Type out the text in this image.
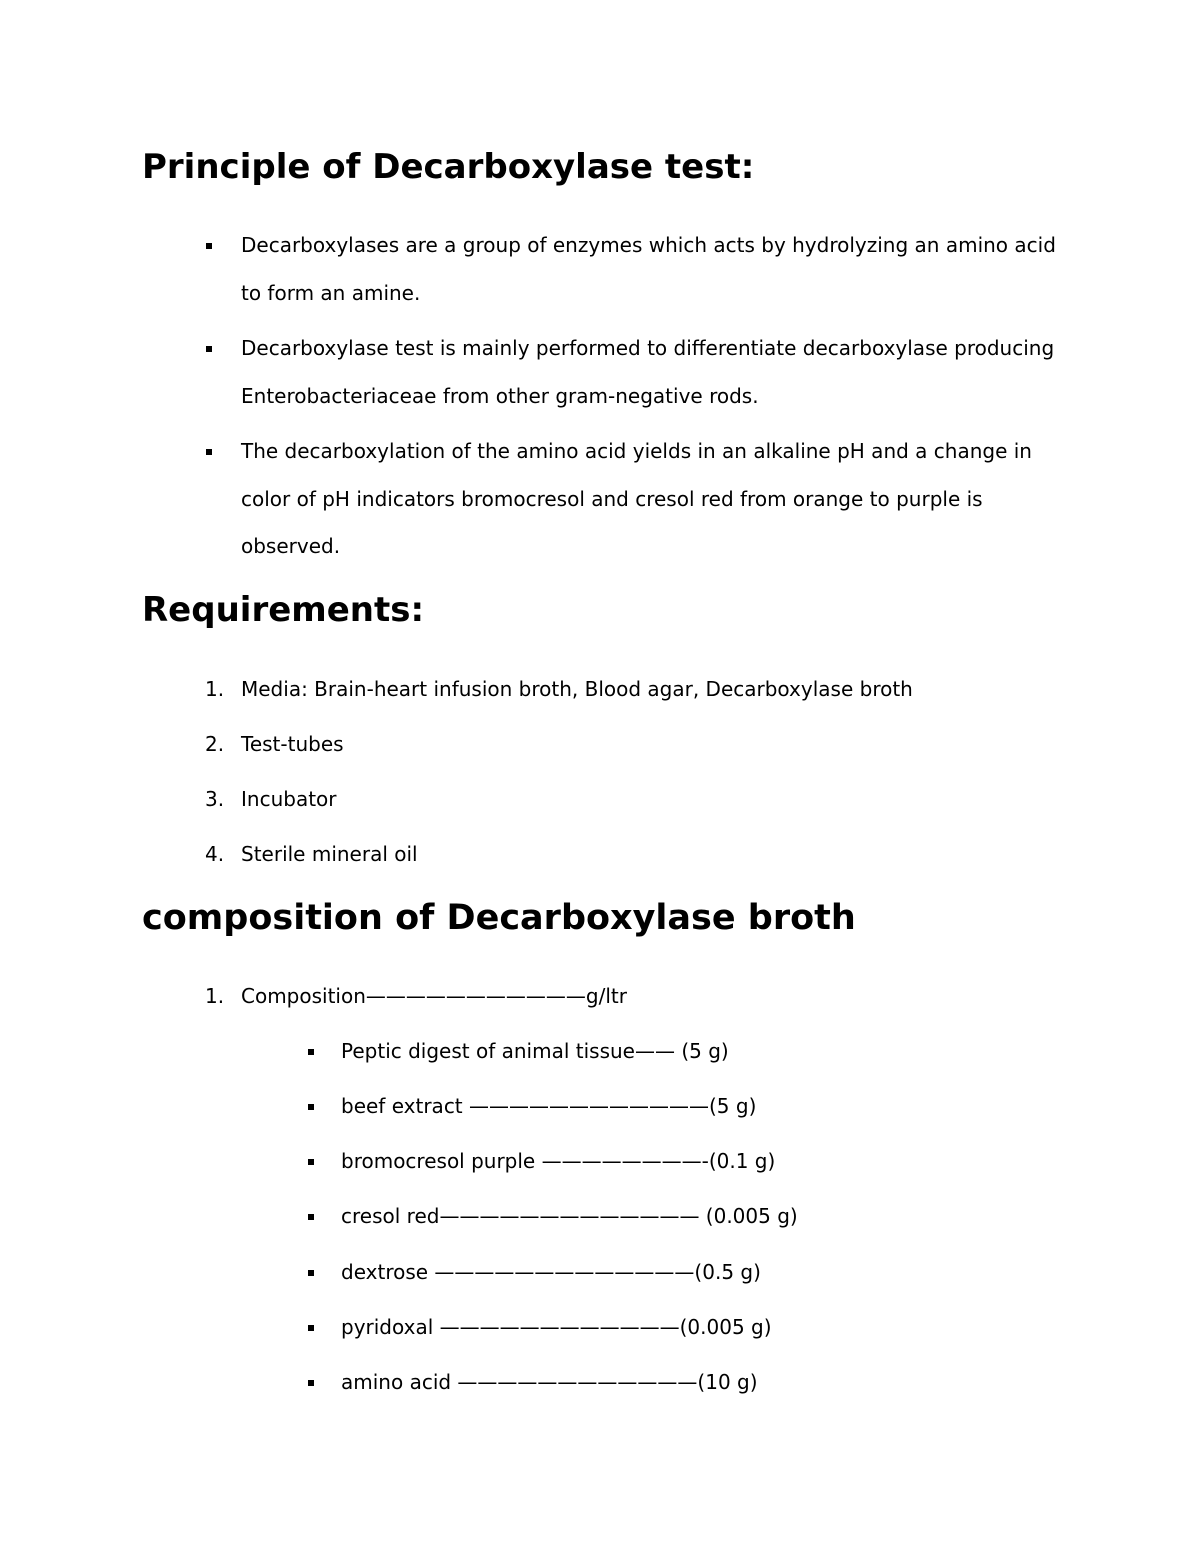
Principle of Decarboxylase test:

Decarboxylases are a group of enzymes which acts by hydrolyzing an amino acid to form an amine.

Decarboxylase test is mainly performed to differentiate decarboxylase producing Enterobacteriaceae from other gram-negative rods.

The decarboxylation of the amino acid yields in an alkaline pH and a change in color of pH indicators bromocresol and cresol red from orange to purple is observed.

Requirements:
1. Media: Brain-heart infusion broth, Blood agar, Decarboxylase broth
2. Test-tubes
3. Incubator
4. Sterile mineral oil
composition of Decarboxylase broth
1. Composition———————————g/ltr
Peptic digest of animal tissue—— (5 g)
beef extract ————————————(5 g)
bromocresol purple ————————-(0.1 g)
cresol red————————————— (0.005 g)
dextrose —————————————(0.5 g)
pyridoxal ————————————(0.005 g)
amino acid ————————————(10 g)
